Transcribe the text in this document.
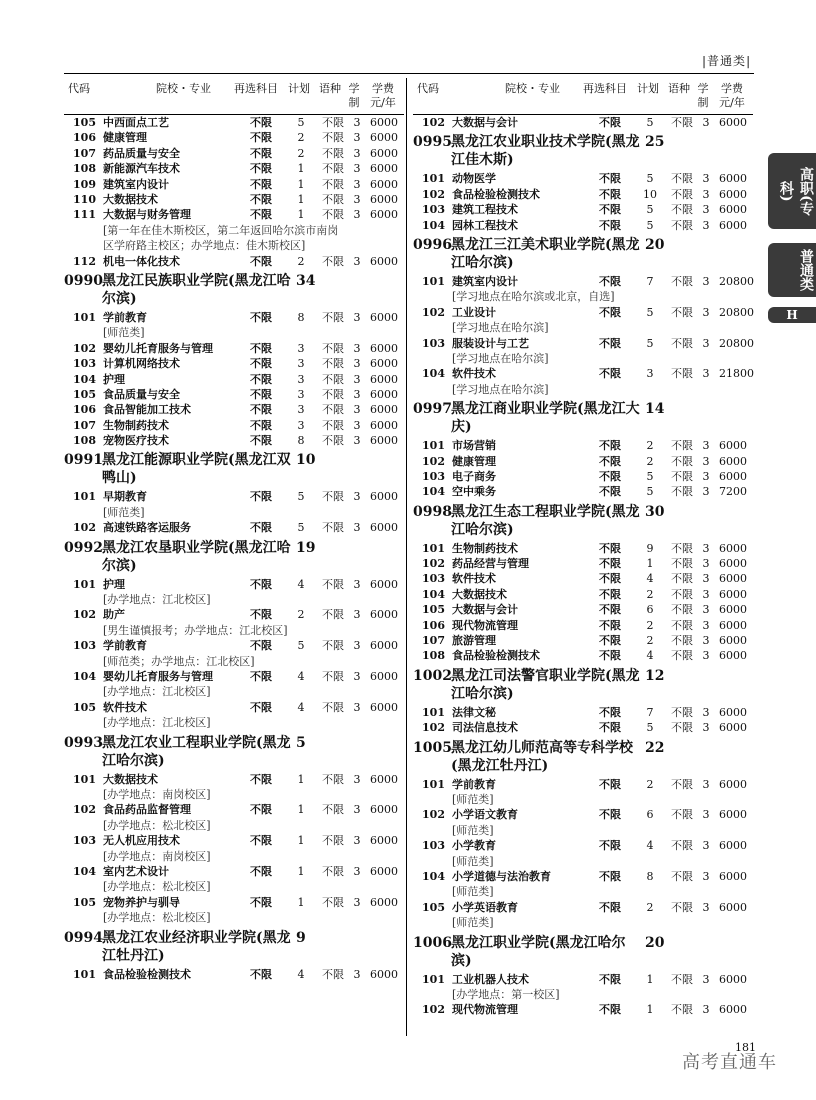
|普通类|
代码	院校・专业 再选科目 计划 语种 学制
学费元/年
105 中西面点工艺	不限	5	不限 3 6000
106 健康管理	不限	2	不限 3 6000
107 药品质量与安全	不限	2	不限 3 6000
108 新能源汽车技术	不限	1	不限 3 6000
109 建筑室内设计	不限	1	不限 3 6000
110 大数据技术	不限	1	不限 3 6000
111 大数据与财务管理	不限	1	不限 3 6000
[第一年在佳木斯校区，第二年返回哈尔滨市南岗区学府路主校区；办学地点：佳木斯校区]
112 机电一体化技术	不限	2	不限 3 6000
0990 黑龙江民族职业学院(黑龙江哈尔滨)
34
101 学前教育	不限	8	不限 3 6000
[师范类]
102 婴幼儿托育服务与管理	不限	3	不限 3 6000
103 计算机网络技术	不限	3	不限 3 6000
104 护理	不限	3	不限 3 6000
105 食品质量与安全	不限	3	不限 3 6000
106 食品智能加工技术	不限	3	不限 3 6000
107 生物制药技术	不限	3	不限 3 6000
108 宠物医疗技术	不限	8	不限 3 6000
0991 黑龙江能源职业学院(黑龙江双鸭山)
10
101 早期教育	不限	5	不限 3 6000
[师范类]
102 高速铁路客运服务	不限	5	不限 3 6000
0992 黑龙江农垦职业学院(黑龙江哈尔滨)
19
101 护理	不限	4	不限 3 6000
[办学地点：江北校区]
102 助产	不限	2	不限 3 6000
[男生谨慎报考；办学地点：江北校区]
103 学前教育	不限	5	不限 3 6000
[师范类；办学地点：江北校区]
104 婴幼儿托育服务与管理	不限	4	不限 3 6000
[办学地点：江北校区]
105 软件技术	不限	4	不限 3 6000
[办学地点：江北校区]
0993 黑龙江农业工程职业学院(黑龙江哈尔滨)
5
101 大数据技术	不限	1	不限 3 6000
[办学地点：南岗校区]
102 食品药品监督管理	不限	1	不限 3 6000
[办学地点：松北校区]
103 无人机应用技术	不限	1	不限 3 6000
[办学地点：南岗校区]
104 室内艺术设计	不限	1	不限 3 6000
[办学地点：松北校区]
105 宠物养护与驯导	不限	1	不限 3 6000
[办学地点：松北校区]
0994 黑龙江农业经济职业学院(黑龙江牡丹江)
9
101 食品检验检测技术	不限	4	不限 3 6000
代码	院校・专业 再选科目 计划 语种 学制
学费元/年
102 大数据与会计	不限	5	不限 3 6000
0995 黑龙江农业职业技术学院(黑龙江佳木斯)
25
101 动物医学	不限	5	不限 3 6000
102 食品检验检测技术	不限 10 不限 3 6000
103 建筑工程技术	不限	5	不限 3 6000
104 园林工程技术	不限	5	不限 3 6000
0996 黑龙江三江美术职业学院(黑龙江哈尔滨)
20
101 建筑室内设计	不限	7	不限 3 20800
[学习地点在哈尔滨或北京，自选]
102 工业设计	不限	5	不限 3 20800
[学习地点在哈尔滨]
103 服装设计与工艺	不限	5	不限 3 20800
[学习地点在哈尔滨]
104 软件技术	不限	3	不限 3 21800
[学习地点在哈尔滨]
0997 黑龙江商业职业学院(黑龙江大庆)
14
101 市场营销	不限	2	不限 3 6000
102 健康管理	不限	2	不限 3 6000
103 电子商务	不限	5	不限 3 6000
104 空中乘务	不限	5	不限 3 7200
0998 黑龙江生态工程职业学院(黑龙江哈尔滨)
30
101 生物制药技术	不限	9	不限 3 6000
102 药品经营与管理	不限	1	不限 3 6000
103 软件技术	不限	4	不限 3 6000
104 大数据技术	不限	2	不限 3 6000
105 大数据与会计	不限	6	不限 3 6000
106 现代物流管理	不限	2	不限 3 6000
107 旅游管理	不限	2	不限 3 6000
108 食品检验检测技术	不限	4	不限 3 6000
1002 黑龙江司法警官职业学院(黑龙江哈尔滨)
12
101 法律文秘	不限	7	不限 3 6000
102 司法信息技术	不限	5	不限 3 6000
1005 黑龙江幼儿师范高等专科学校(黑龙江牡丹江)
22
101 学前教育	不限	2	不限 3 6000
[师范类]
102 小学语文教育	不限	6	不限 3 6000
[师范类]
103 小学教育	不限	4	不限 3 6000
[师范类]
104 小学道德与法治教育	不限	8	不限 3 6000
[师范类]
105 小学英语教育	不限	2	不限 3 6000
[师范类]
1006 黑龙江职业学院(黑龙江哈尔滨)
20
101 工业机器人技术	不限	1	不限 3 6000
[办学地点：第一校区]
102 现代物流管理	不限	1	不限 3 6000
高职(专科)
普通类
H
181
高考直通车
